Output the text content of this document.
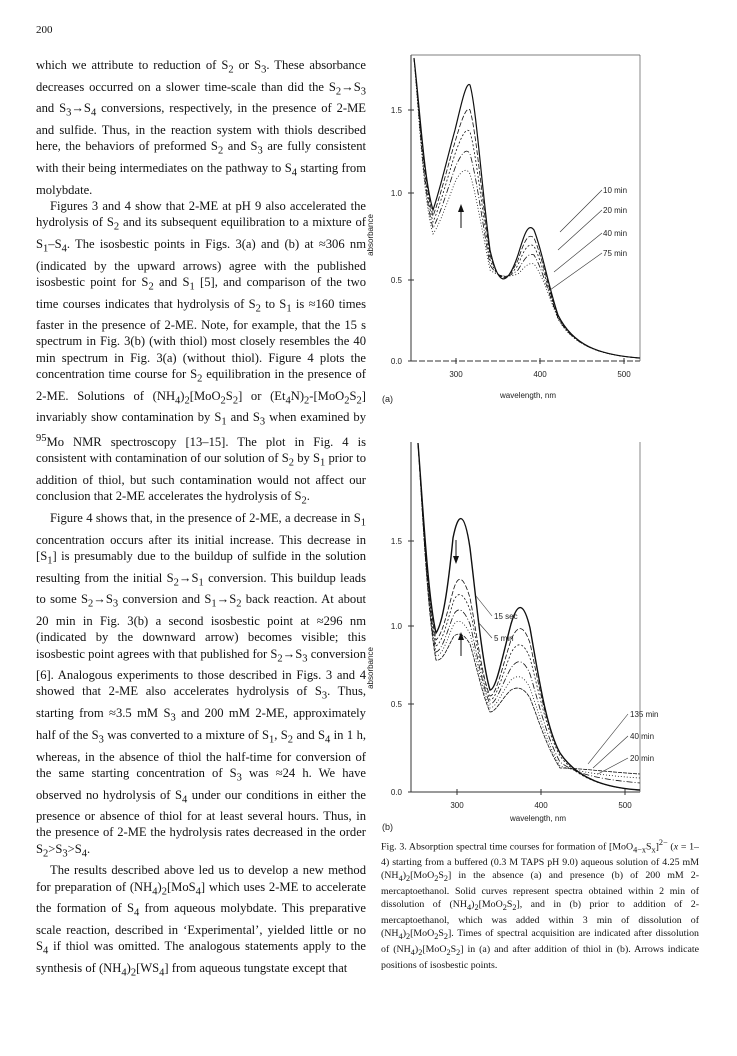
200

which we attribute to reduction of $S_2$ or $S_3$. These absorbance decreases occurred on a slower time-scale than did the $S_2\to S_3$ and $S_3\to S_4$ conversions, respectively, in the presence of 2-ME and sulfide. Thus, in the reaction system with thiols described here, the behaviors of preformed $S_2$ and $S_3$ are fully consistent with their being intermediates on the pathway to $S_4$ starting from molybdate.

Figures 3 and 4 show that 2-ME at pH 9 also accelerated the hydrolysis of $S_2$ and its subsequent equilibration to a mixture of $S_1-S_4$. The isosbestic points in Figs. 3(a) and (b) at ≈306 nm (indicated by the upward arrows) agree with the published isosbestic point for $S_2$ and $S_1$ [5], and comparison of the two time courses indicates that hydrolysis of $S_2$ to $S_1$ is ≈160 times faster in the presence of 2-ME. Note, for example, that the 15 s spectrum in Fig. 3(b) (with thiol) most closely resembles the 40 min spectrum in Fig. 3(a) (without thiol). Figure 4 plots the concentration time course for $S_2$ equilibration in the presence of 2-ME. Solutions of $(NH_4)_2[MoO_2S_2]$ or $(Et_4N)_2-[MoO_2S_2]$ invariably show contamination by $S_1$ and $S_3$ when examined by $^{95}$Mo NMR spectroscopy [13–15]. The plot in Fig. 4 is consistent with contamination of our solution of $S_2$ by $S_1$ prior to addition of thiol, but such contamination would not affect our conclusion that 2-ME accelerates the hydrolysis of $S_2$.

Figure 4 shows that, in the presence of 2-ME, a decrease in $S_1$ concentration occurs after its initial increase. This decrease in $[S_1]$ is presumably due to the buildup of sulfide in the solution resulting from the initial $S_2\to S_1$ conversion. This buildup leads to some $S_2\to S_3$ conversion and $S_1\to S_2$ back reaction. At about 20 min in Fig. 3(b) a second isosbestic point at ≈296 nm (indicated by the downward arrow) becomes visible; this isosbestic point agrees with that published for $S_2\to S_3$ conversion [6]. Analogous experiments to those described in Figs. 3 and 4 showed that 2-ME also accelerates hydrolysis of $S_3$. Thus, starting from ≈3.5 mM $S_3$ and 200 mM 2-ME, approximately half of the $S_3$ was converted to a mixture of $S_1$, $S_2$ and $S_4$ in 1 h, whereas, in the absence of thiol the half-time for conversion of the same starting concentration of $S_3$ was ≈24 h. We have observed no hydrolysis of $S_4$ under our conditions in either the presence or absence of thiol for at least several hours. Thus, in the presence of 2-ME the hydrolysis rates decreased in the order $S_2>S_3>S_4$.

The results described above led us to develop a new method for preparation of $(NH_4)_2[MoS_4]$ which uses 2-ME to accelerate the formation of $S_4$ from aqueous molybdate. This preparative scale reaction, described in ‘Experimental’, yielded little or no $S_4$ if thiol was omitted. The analogous statements apply to the synthesis of $(NH_4)_2[WS_4]$ from aqueous tungstate except that

0.0
0.5
1.0
1.5
300	400	500
absorbance
wavelength, nm
(a)
10 min
20 min
40 min
75 min
0.0
0.5
1.0
1.5
300	400	500
absorbance
wavelength, nm
(b)
15 sec
5 min
135 min
40 min
20 min

Fig. 3. Absorption spectral time courses for formation of $[MoO_{4-x}S_x]^{2-}$ (x = 1–4) starting from a buffered (0.3 M TAPS pH 9.0) aqueous solution of 4.25 mM $(NH_4)_2[MoO_2S_2]$ in the absence (a) and presence (b) of 200 mM 2-mercaptoethanol. Solid curves represent spectra obtained within 2 min of dissolution of $(NH_4)_2[MoO_2S_2]$, and in (b) prior to addition of 2-mercaptoethanol, which was added within 3 min of dissolution of $(NH_4)_2[MoO_2S_2]$. Times of spectral acquisition are indicated after dissolution of $(NH_4)_2[MoO_2S_2]$ in (a) and after addition of thiol in (b). Arrows indicate positions of isosbestic points.
